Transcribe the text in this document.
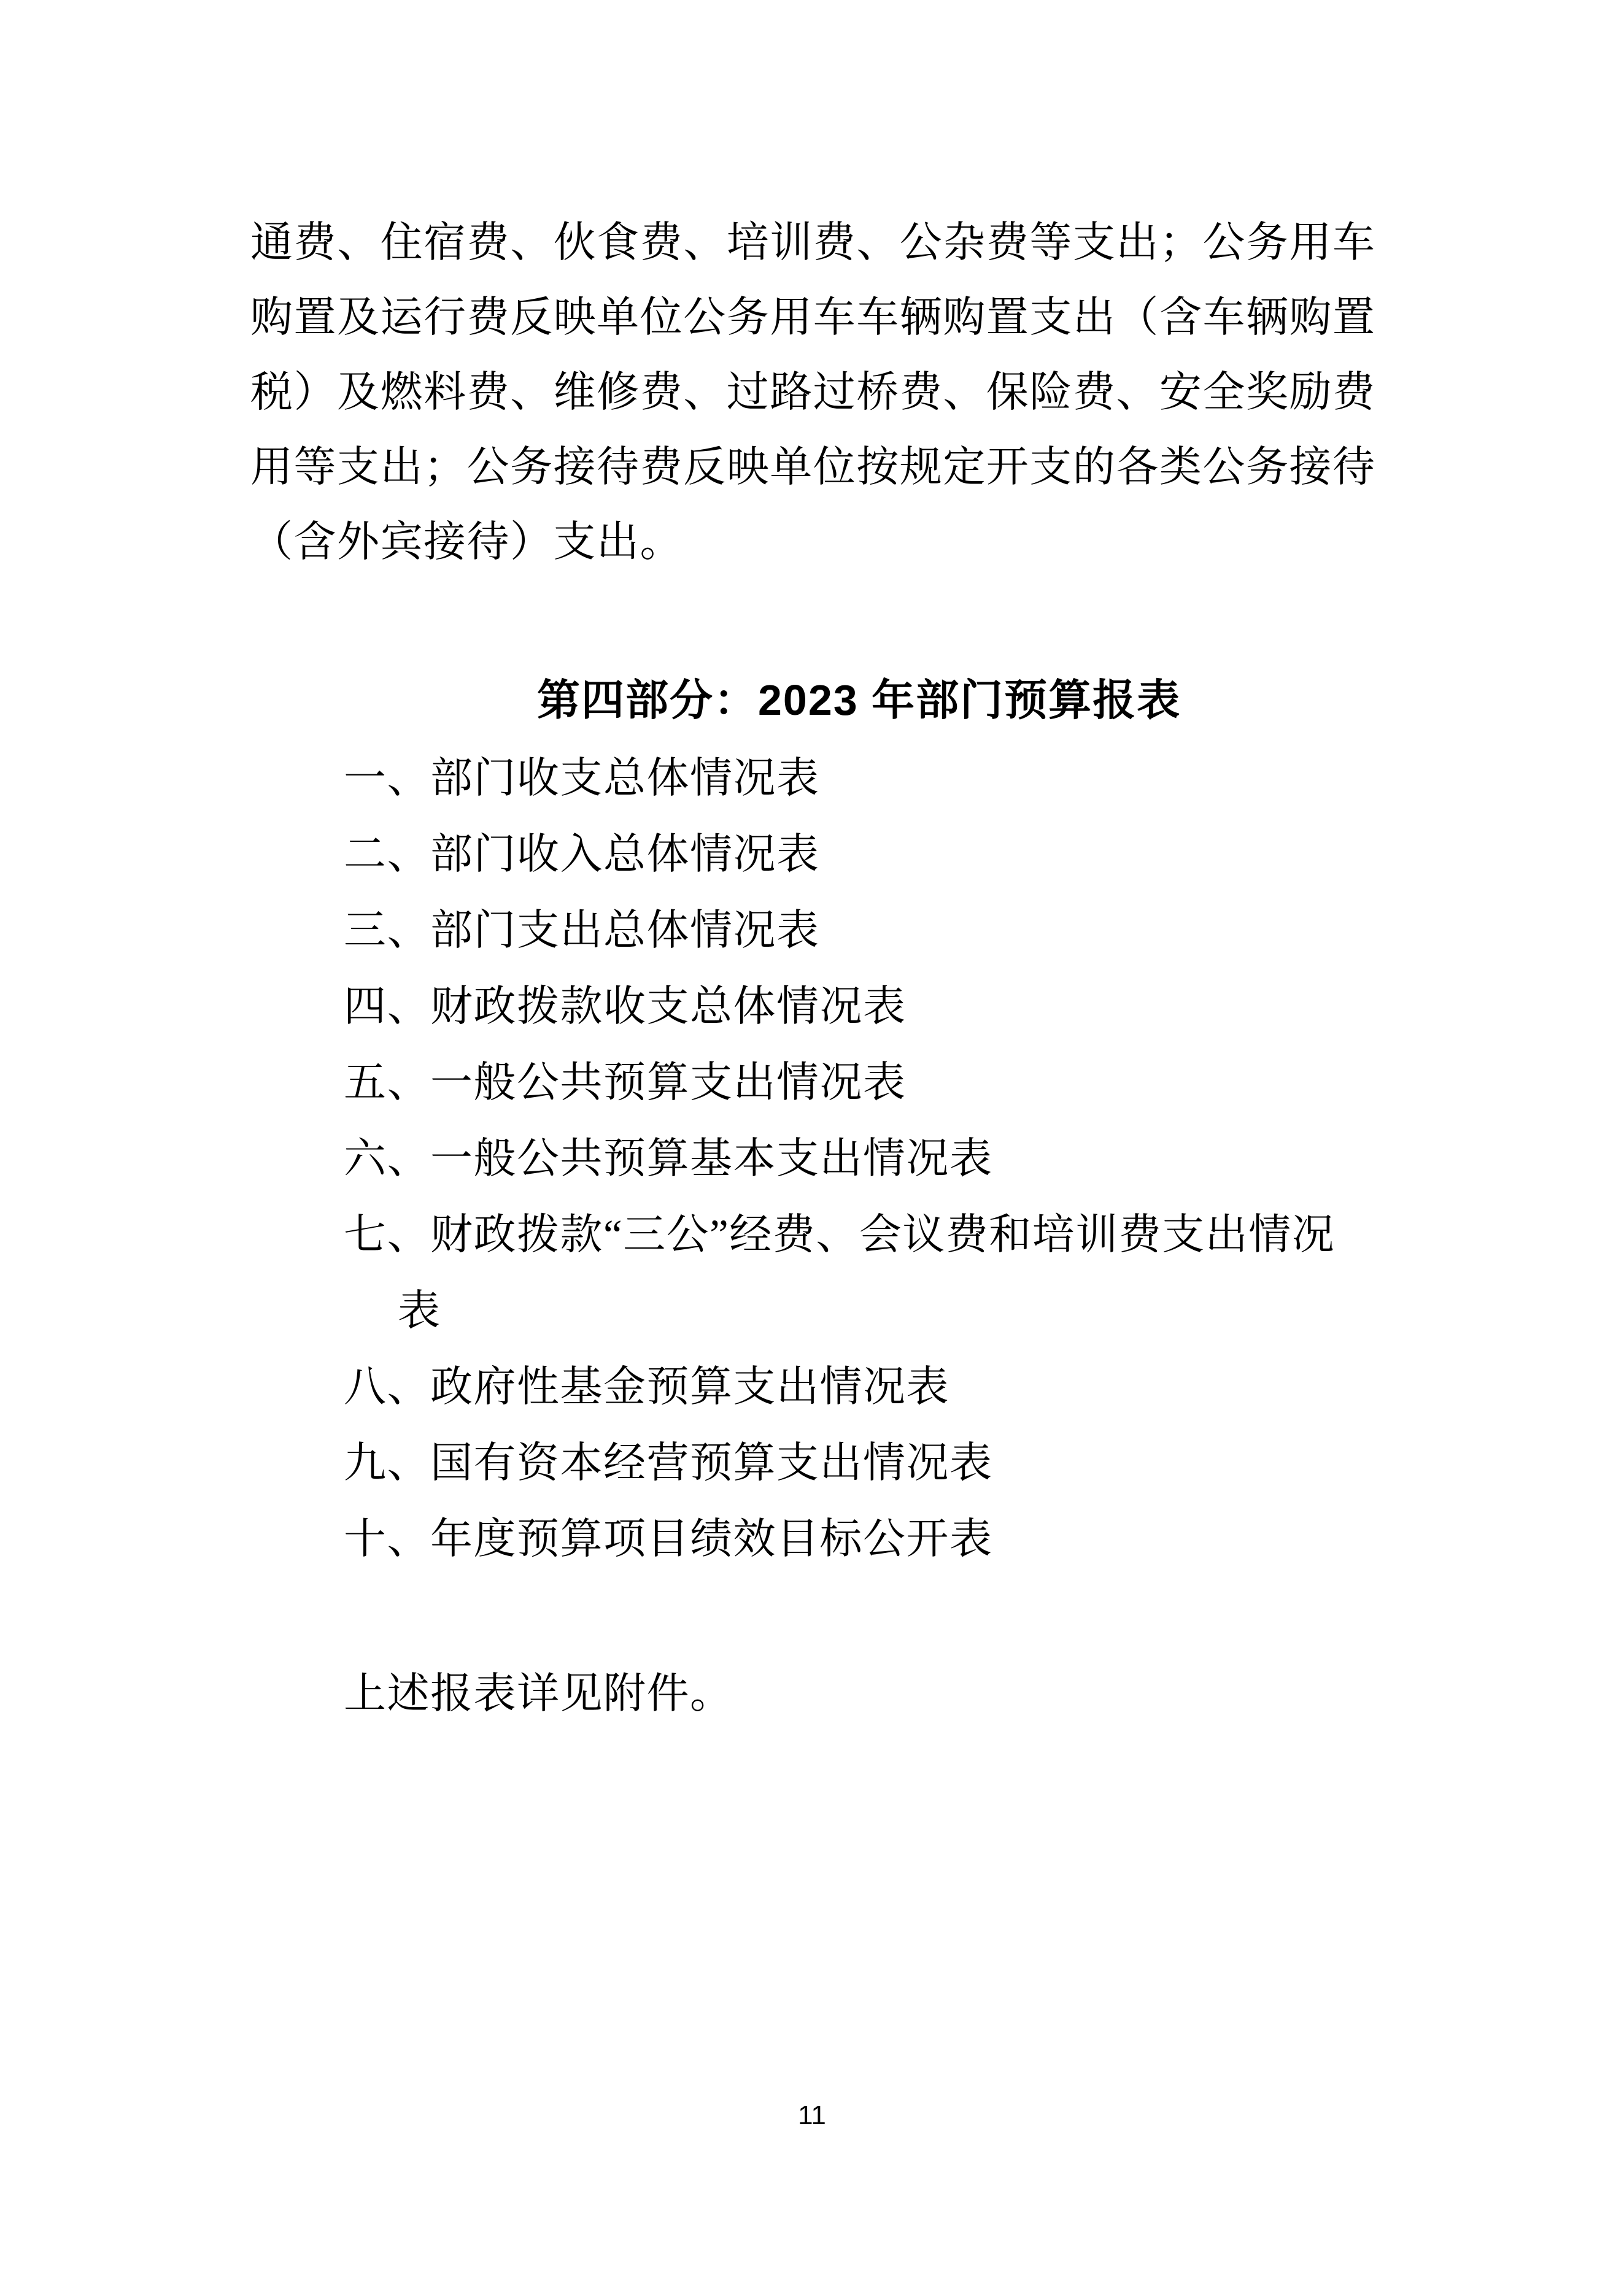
通费、住宿费、伙食费、培训费、公杂费等支出；公务用车
购置及运行费反映单位公务用车车辆购置支出（含车辆购置
税）及燃料费、维修费、过路过桥费、保险费、安全奖励费
用等支出；公务接待费反映单位按规定开支的各类公务接待
（含外宾接待）支出。
第四部分：2023 年部门预算报表
一、部门收支总体情况表
二、部门收入总体情况表
三、部门支出总体情况表
四、财政拨款收支总体情况表
五、一般公共预算支出情况表
六、一般公共预算基本支出情况表
七、财政拨款“三公”经费、会议费和培训费支出情况
表
八、政府性基金预算支出情况表
九、国有资本经营预算支出情况表
十、年度预算项目绩效目标公开表
上述报表详见附件。
11
